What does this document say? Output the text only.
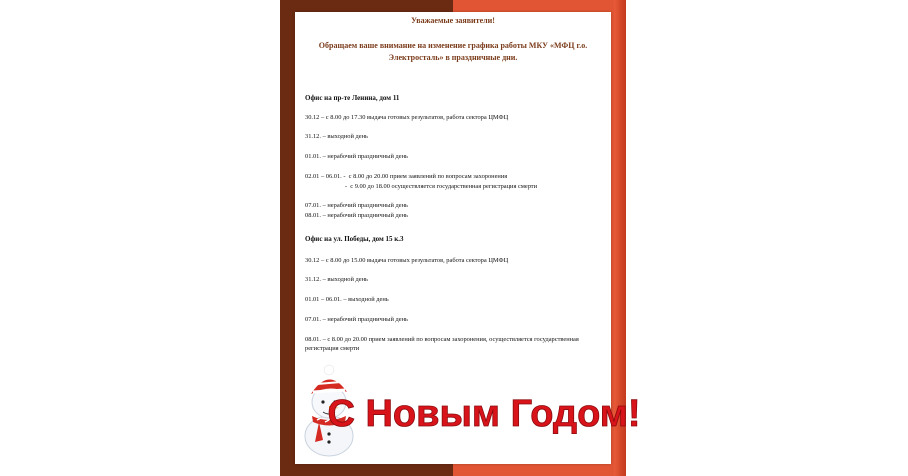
Уважаемые заявители!
Обращаем ваше внимание на изменение графика работы МКУ «МФЦ г.о. Электросталь» в праздничные дни.
Офис на пр-те Ленина, дом 11
30.12 – с 8.00 до 17.30 выдача готовых результатов, работа сектора ЦМФЦ
31.12. – выходной день
01.01. – нерабочий праздничный день
02.01 – 06.01. -  с 8.00 до 20.00 прием заявлений по вопросам захоронения
-  с 9.00 до 18.00 осуществляется государственная регистрация смерти
07.01. – нерабочий праздничный день
08.01. – нерабочий праздничный день
Офис на ул. Победы, дом 15 к.3
30.12 – с 8.00 до 15.00 выдача готовых результатов, работа сектора ЦМФЦ
31.12. – выходной день
01.01 – 06.01. – выходной день
07.01. – нерабочий праздничный день
08.01. – с 8.00 до 20.00 прием заявлений по вопросам захоронения, осуществляется государственная регистрация смерти
С Новым Годом!
